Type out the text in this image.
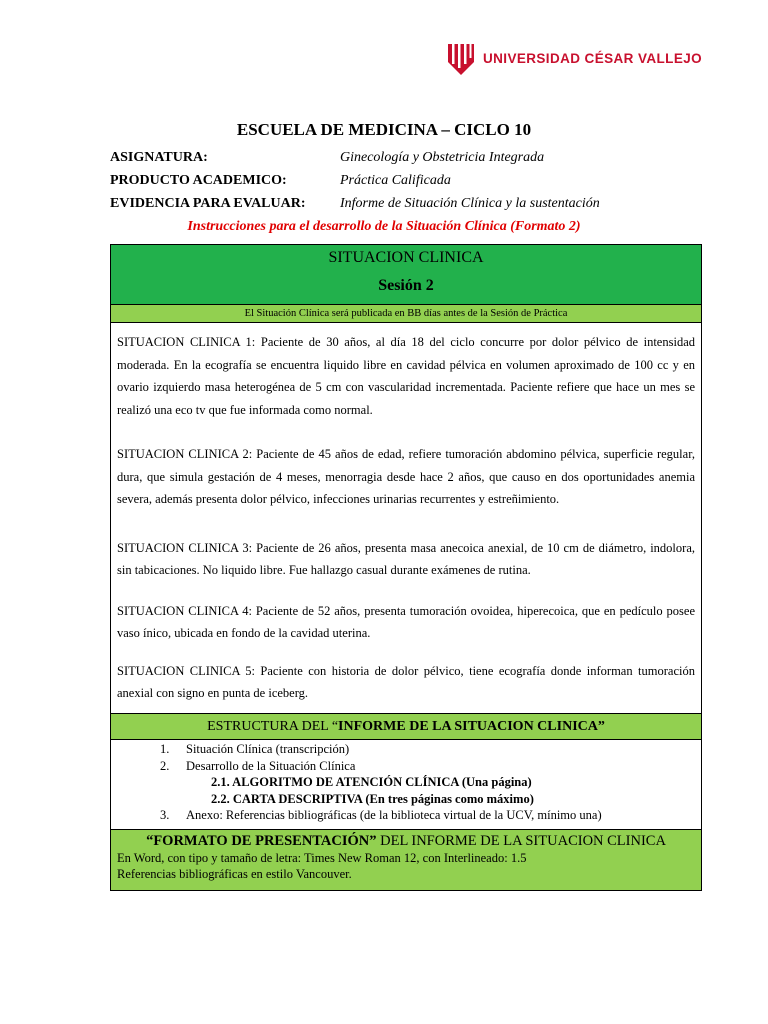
UNIVERSIDAD CÉSAR VALLEJO
ESCUELA DE MEDICINA – CICLO 10
ASIGNATURA:	Ginecología y Obstetricia Integrada
PRODUCTO ACADEMICO:	Práctica Calificada
EVIDENCIA PARA EVALUAR: Informe de Situación Clínica y la sustentación
Instrucciones para el desarrollo de la Situación Clínica (Formato 2)
SITUACION CLINICA
Sesión 2
El Situación Clínica será publicada en BB días antes de la Sesión de Práctica

SITUACION CLINICA 1: Paciente de 30 años, al día 18 del ciclo concurre por dolor pélvico de intensidad moderada. En la ecografía se encuentra liquido libre en cavidad pélvica en volumen aproximado de 100 cc y en ovario izquierdo masa heterogénea de 5 cm con vascularidad incrementada. Paciente refiere que hace un mes se realizó una eco tv que fue informada como normal.

SITUACION CLINICA 2: Paciente de 45 años de edad, refiere tumoración abdomino pélvica, superficie regular, dura, que simula gestación de 4 meses, menorragia desde hace 2 años, que causo en dos oportunidades anemia severa, además presenta dolor pélvico, infecciones urinarias recurrentes y estreñimiento.

SITUACION CLINICA 3: Paciente de 26 años, presenta masa anecoica anexial, de 10 cm de diámetro, indolora, sin tabicaciones. No liquido libre. Fue hallazgo casual durante exámenes de rutina.

SITUACION CLINICA 4: Paciente de 52 años, presenta tumoración ovoidea, hiperecoica, que en pedículo posee vaso ínico, ubicada en fondo de la cavidad uterina.

SITUACION CLINICA 5: Paciente con historia de dolor pélvico, tiene ecografía donde informan tumoración anexial con signo en punta de iceberg.

ESTRUCTURA DEL “INFORME DE LA SITUACION CLINICA”
1. Situación Clínica (transcripción)
2. Desarrollo de la Situación Clínica
2.1. ALGORITMO DE ATENCIÓN CLÍNICA (Una página)
2.2. CARTA DESCRIPTIVA (En tres páginas como máximo)
3. Anexo: Referencias bibliográficas (de la biblioteca virtual de la UCV, mínimo una)
“FORMATO DE PRESENTACIÓN” DEL INFORME DE LA SITUACION CLINICA
En Word, con tipo y tamaño de letra: Times New Roman 12, con Interlineado: 1.5
Referencias bibliográficas en estilo Vancouver.
